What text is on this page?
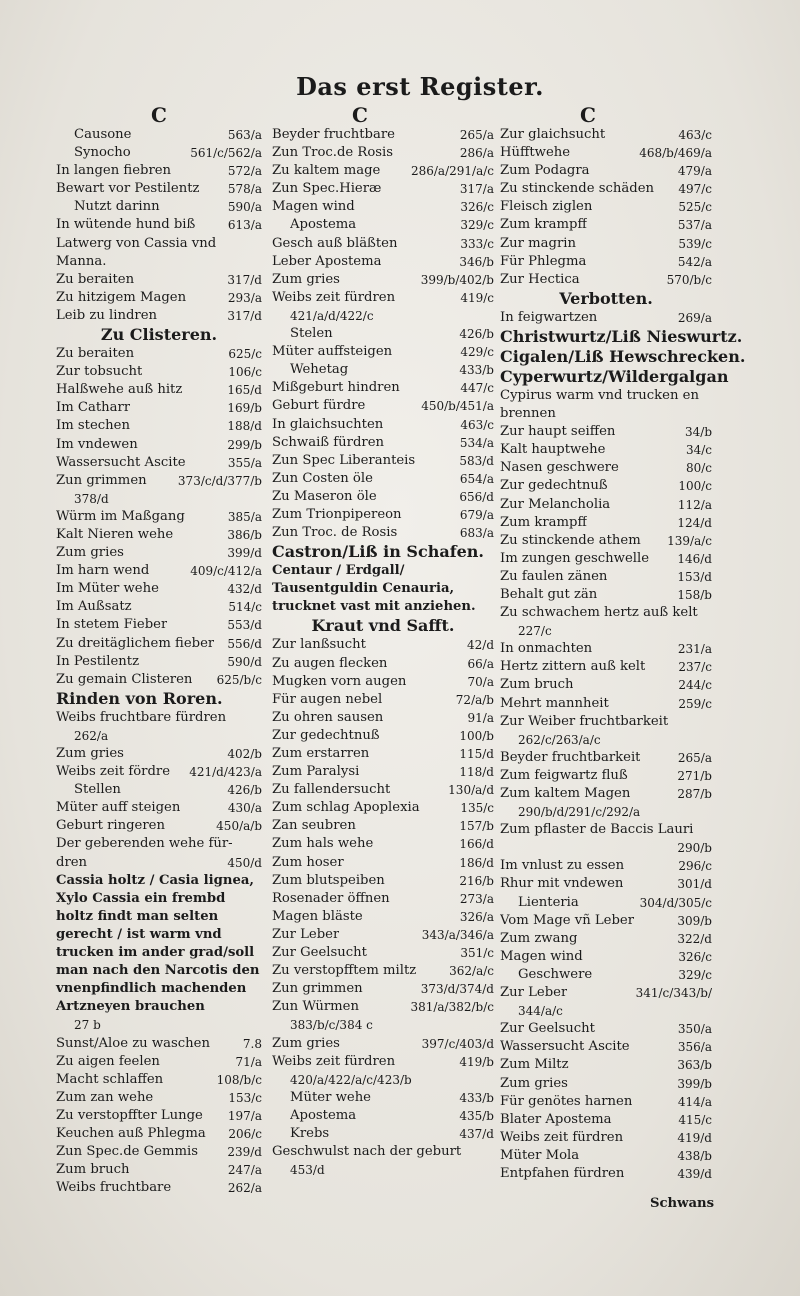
Das erst Register.
C
Causone	563/a
Synocho	561/c/562/a
In langen fiebren	572/a
Bewart vor Pestilentz	578/a
Nutzt darinn	590/a
In wütende hund biß	613/a
Latwerg von Cassia vnd Manna.
Zu beraiten	317/d
Zu hitzigem Magen	293/a
Leib zu lindren	317/d
Zu Clisteren.
Zu beraiten	625/c
Zur tobsucht	106/c
Halßwehe auß hitz	165/d
Im Catharr	169/b
Im stechen	188/d
Im vndewen	299/b
Wassersucht Ascite	355/a
Zun grimmen	373/c/d/377/b
378/d
Würm im Maßgang	385/a
Kalt Nieren wehe	386/b
Zum gries	399/d
Im harn wend	409/c/412/a
Im Müter wehe	432/d
Im Außsatz	514/c
In stetem Fieber	553/d
Zu dreitäglichem fieber	556/d
In Pestilentz	590/d
Zu gemain Clisteren	625/b/c
Rinden von Roren.
Weibs fruchtbare fürdren
262/a
Zum gries	402/b
Weibs zeit fördre	421/d/423/a
Stellen	426/b
Müter auff steigen	430/a
Geburt ringeren	450/a/b
Der geberenden wehe für-
dren	450/d
Cassia holtz / Casia lignea, Xylo Cassia ein frembd holtz findt man selten gerecht / ist warm vnd trucken im ander grad/soll man nach den Narcotis den vnenpfindlich machenden Artzneyen brauchen
27 b
Sunst/Aloe zu waschen	7.8
Zu aigen feelen	71/a
Macht schlaffen	108/b/c
Zum zan wehe	153/c
Zu verstopffter Lunge	197/a
Keuchen auß Phlegma	206/c
Zun Spec.de Gemmis	239/d
Zum bruch	247/a
Weibs fruchtbare	262/a
C
Beyder fruchtbare	265/a
Zun Troc.de Rosis	286/a
Zu kaltem mage	286/a/291/a/c
Zun Spec.Hieræ	317/a
Magen wind	326/c
Apostema	329/c
Gesch auß bläßten	333/c
Leber Apostema	346/b
Zum gries	399/b/402/b
Weibs zeit fürdren	419/c
421/a/d/422/c
Stelen	426/b
Müter auffsteigen	429/c
Wehetag	433/b
Mißgeburt hindren	447/c
Geburt fürdre	450/b/451/a
In glaichsuchten	463/c
Schwaiß fürdren	534/a
Zun Spec Liberanteis	583/d
Zun Costen öle	654/a
Zu Maseron öle	656/d
Zum Trionpipereon	679/a
Zun Troc. de Rosis	683/a
Castron/Liß in Schafen.
Centaur / Erdgall/ Tausentguldin Cenauria, trucknet vast mit anziehen.
Kraut vnd Safft.
Zur lanßsucht	42/d
Zu augen flecken	66/a
Mugken vorn augen	70/a
Für augen nebel	72/a/b
Zu ohren sausen	91/a
Zur gedechtnuß	100/b
Zum erstarren	115/d
Zum Paralysi	118/d
Zu fallendersucht	130/a/d
Zum schlag Apoplexia	135/c
Zan seubren	157/b
Zum hals wehe	166/d
Zum hoser	186/d
Zum blutspeiben	216/b
Rosenader öffnen	273/a
Magen bläste	326/a
Zur Leber	343/a/346/a
Zur Geelsucht	351/c
Zu verstopfftem miltz	362/a/c
Zun grimmen	373/d/374/d
Zun Würmen	381/a/382/b/c
383/b/c/384 c
Zum gries	397/c/403/d
Weibs zeit fürdren	419/b
420/a/422/a/c/423/b
Müter wehe	433/b
Apostema	435/b
Krebs	437/d
Geschwulst nach der geburt
453/d
C
Zur glaichsucht	463/c
Hüfftwehe	468/b/469/a
Zum Podagra	479/a
Zu stinckende schäden	497/c
Fleisch ziglen	525/c
Zum krampff	537/a
Zur magrin	539/c
Für Phlegma	542/a
Zur Hectica	570/b/c
Verbotten.
In feigwartzen	269/a
Christwurtz/Liß Nieswurtz.
Cigalen/Liß Hewschrecken.
Cyperwurtz/Wildergalgan
Cypirus warm vnd trucken en brennen
Zur haupt seiffen	34/b
Kalt hauptwehe	34/c
Nasen geschwere	80/c
Zur gedechtnuß	100/c
Zur Melancholia	112/a
Zum krampff	124/d
Zu stinckende athem	139/a/c
Im zungen geschwelle	146/d
Zu faulen zänen	153/d
Behalt gut zän	158/b
Zu schwachem hertz auß kelt
227/c
In onmachten	231/a
Hertz zittern auß kelt	237/c
Zum bruch	244/c
Mehrt mannheit	259/c
Zur Weiber fruchtbarkeit
262/c/263/a/c
Beyder fruchtbarkeit	265/a
Zum feigwartz fluß	271/b
Zum kaltem Magen	287/b
290/b/d/291/c/292/a
Zum pflaster de Baccis Lauri
290/b
Im vnlust zu essen	296/c
Rhur mit vndewen	301/d
Lienteria	304/d/305/c
Vom Mage vñ Leber	309/b
Zum zwang	322/d
Magen wind	326/c
Geschwere	329/c
Zur Leber	341/c/343/b/
344/a/c
Zur Geelsucht	350/a
Wassersucht Ascite	356/a
Zum Miltz	363/b
Zum gries	399/b
Für genötes harnen	414/a
Blater Apostema	415/c
Weibs zeit fürdren	419/d
Müter Mola	438/b
Entpfahen fürdren	439/d
Schwans
